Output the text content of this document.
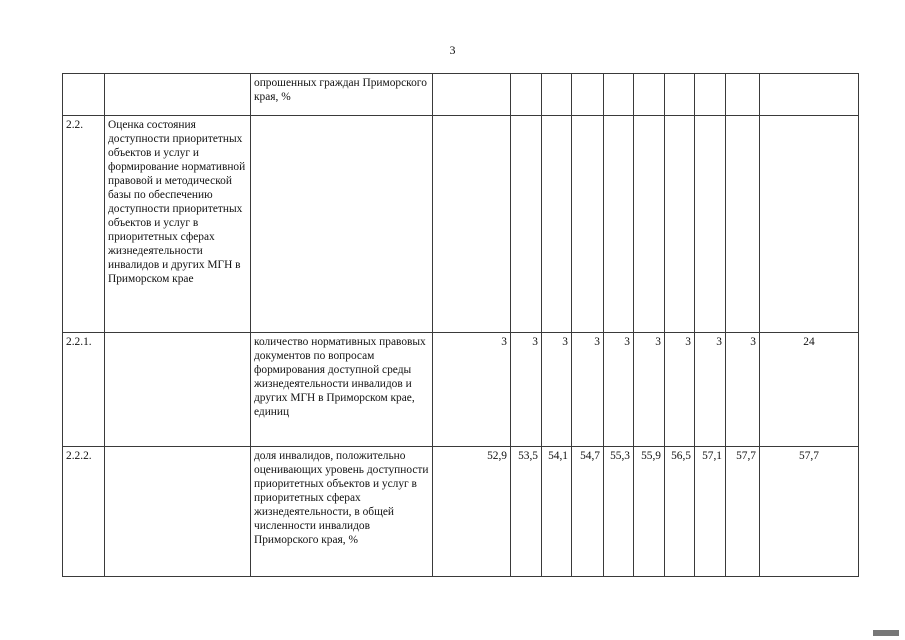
3
		опрошенных граждан Приморского края, %										
2.2.	Оценка состояния доступности приоритетных объектов и услуг и формирование нормативной правовой и методической базы по обеспечению доступности приоритетных объектов и услуг в приоритетных сферах жизнедеятельности инвалидов и других МГН в Приморском крае											
2.2.1.		количество нормативных правовых документов по вопросам формирования доступной среды жизнедеятельности инвалидов и других МГН в Приморском крае, единиц	3	3	3	3	3	3	3	3	3	24
2.2.2.		доля инвалидов, положительно оценивающих уровень доступности приоритетных объектов и услуг в приоритетных сферах жизнедеятельности, в общей численности инвалидов Приморского края, %	52,9	53,5	54,1	54,7	55,3	55,9	56,5	57,1	57,7	57,7
